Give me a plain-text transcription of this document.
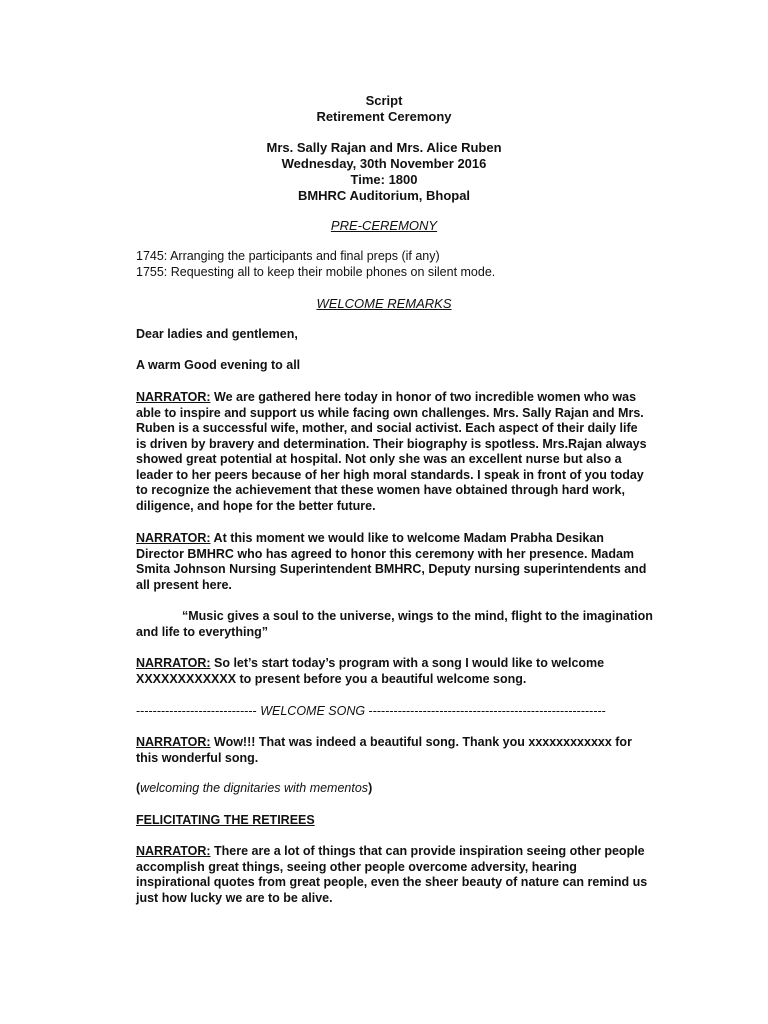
Script
Retirement Ceremony
Mrs. Sally Rajan and Mrs. Alice Ruben
Wednesday, 30th November 2016
Time: 1800
BMHRC Auditorium, Bhopal
PRE-CEREMONY
1745: Arranging the participants and final preps (if any)
1755: Requesting all to keep their mobile phones on silent mode.
WELCOME REMARKS
Dear ladies and gentlemen,
A warm Good evening to all
NARRATOR: We are gathered here today in honor of two incredible women who was
able to inspire and support us while facing own challenges. Mrs. Sally Rajan and Mrs.
Ruben is a successful wife, mother, and social activist. Each aspect of their daily life
is driven by bravery and determination. Their biography is spotless. Mrs.Rajan always
showed great potential at hospital. Not only she was an excellent nurse but also a
leader to her peers because of her high moral standards. I speak in front of you today
to recognize the achievement that these women have obtained through hard work,
diligence, and hope for the better future.
NARRATOR: At this moment we would like to welcome Madam Prabha Desikan
Director BMHRC who has agreed to honor this ceremony with her presence. Madam
Smita Johnson Nursing Superintendent BMHRC, Deputy nursing superintendents and
all present here.
“Music gives a soul to the universe, wings to the mind, flight to the imagination
and life to everything”
NARRATOR: So let’s start today’s program with a song I would like to welcome
XXXXXXXXXXXX to present before you a beautiful welcome song.
----------------------------- WELCOME SONG ---------------------------------------------------------
NARRATOR: Wow!!! That was indeed a beautiful song. Thank you xxxxxxxxxxxx for
this wonderful song.
(welcoming the dignitaries with mementos)
FELICITATING THE RETIREES
NARRATOR: There are a lot of things that can provide inspiration seeing other people
accomplish great things, seeing other people overcome adversity, hearing
inspirational quotes from great people, even the sheer beauty of nature can remind us
just how lucky we are to be alive.
